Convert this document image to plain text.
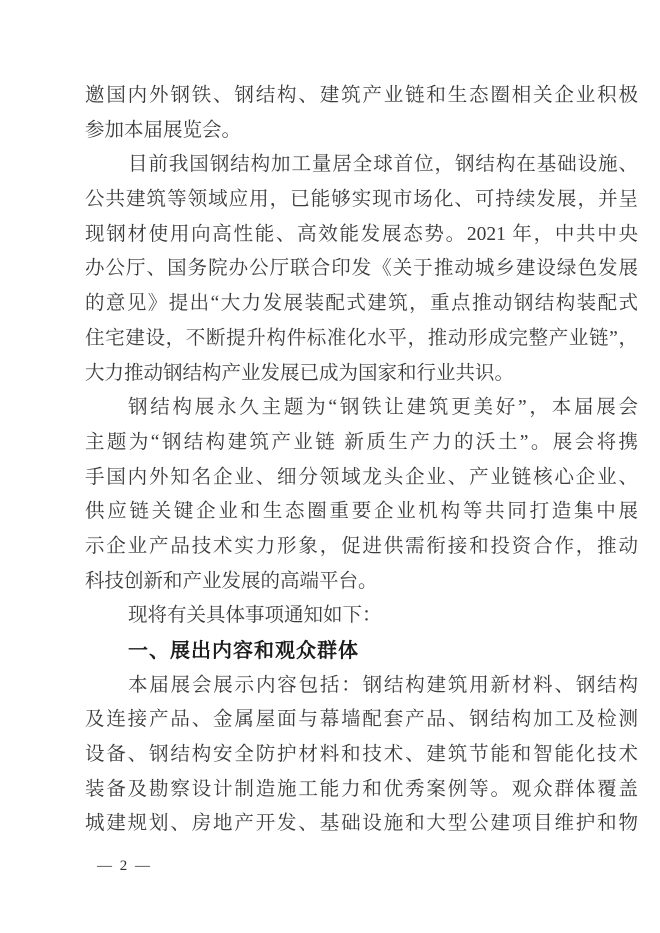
邀国内外钢铁、钢结构、建筑产业链和生态圈相关企业积极
参加本届展览会。
目前我国钢结构加工量居全球首位，钢结构在基础设施、
公共建筑等领域应用，已能够实现市场化、可持续发展，并呈
现钢材使用向高性能、高效能发展态势。2021 年，中共中央
办公厅、国务院办公厅联合印发《关于推动城乡建设绿色发展
的意见》提出“大力发展装配式建筑，重点推动钢结构装配式
住宅建设，不断提升构件标准化水平，推动形成完整产业链”，
大力推动钢结构产业发展已成为国家和行业共识。
钢结构展永久主题为“钢铁让建筑更美好”，本届展会
主题为“钢结构建筑产业链 新质生产力的沃土”。展会将携
手国内外知名企业、细分领域龙头企业、产业链核心企业、
供应链关键企业和生态圈重要企业机构等共同打造集中展
示企业产品技术实力形象，促进供需衔接和投资合作，推动
科技创新和产业发展的高端平台。
现将有关具体事项通知如下：
一、展出内容和观众群体
本届展会展示内容包括：钢结构建筑用新材料、钢结构
及连接产品、金属屋面与幕墙配套产品、钢结构加工及检测
设备、钢结构安全防护材料和技术、建筑节能和智能化技术
装备及勘察设计制造施工能力和优秀案例等。观众群体覆盖
城建规划、房地产开发、基础设施和大型公建项目维护和物
— 2 —
